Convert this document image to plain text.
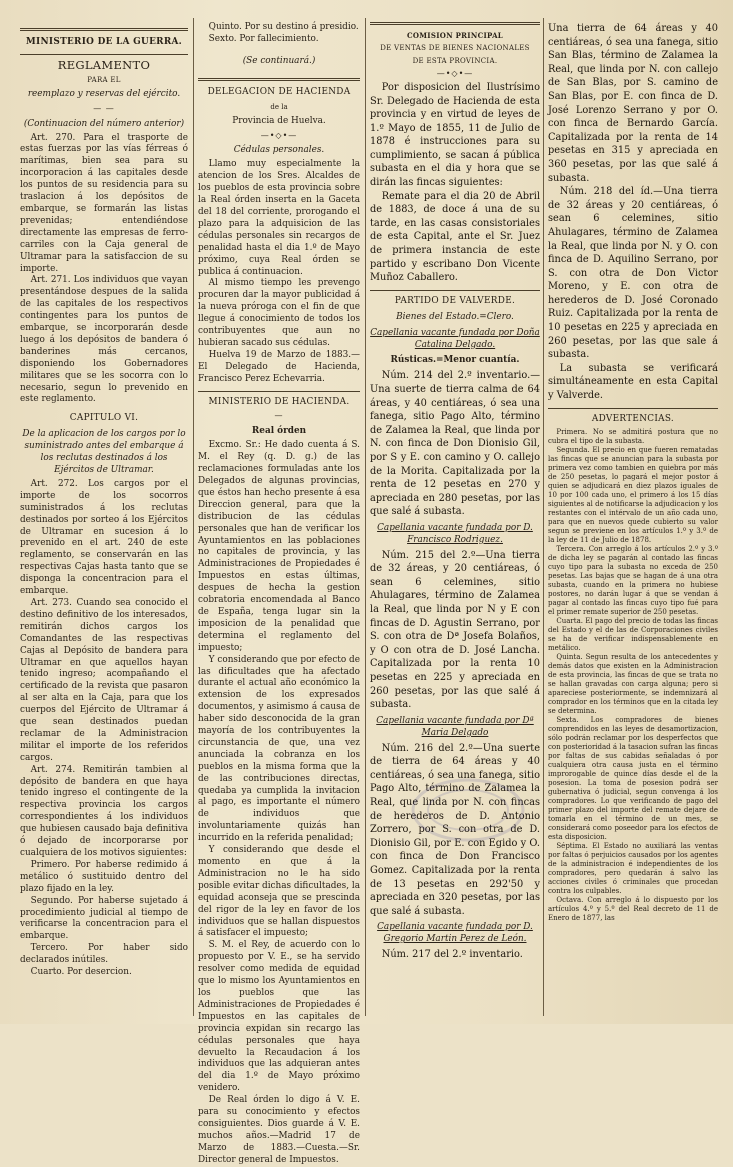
MINISTERIO DE LA GUERRA.

REGLAMENTO

PARA EL

reemplazo y reservas del ejército.

— —

(Continuacion del número anterior)

Art. 270. Para el trasporte de estas fuerzas por las vías férreas ó marítimas, bien sea para su incorporacion á las capitales desde los puntos de su residencia para su traslacion á los depósitos de embarque, se formarán las listas prevenidas; entendiéndose directamente las empresas de ferro-carriles con la Caja general de Ultramar para la satisfaccion de su importe.

Art. 271. Los individuos que vayan presentándose despues de la salida de las capitales de los respectivos contingentes para los puntos de embarque, se incorporarán desde luego á los depósitos de bandera ó banderines más cercanos, disponiendo los Gobernadores militares que se les socorra con lo necesario, segun lo prevenido en este reglamento.

CAPITULO VI.

De la aplicacion de los cargos por lo suministrado antes del embarque á los reclutas destinados á los Ejércitos de Ultramar.

Art. 272. Los cargos por el importe de los socorros suministrados á los reclutas destinados por sorteo á los Ejércitos de Ultramar en sucesion á lo prevenido en el art. 240 de este reglamento, se conservarán en las respectivas Cajas hasta tanto que se disponga la concentracion para el embarque.

Art. 273. Cuando sea conocido el destino definitivo de los interesados, remitirán dichos cargos los Comandantes de las respectivas Cajas al Depósito de bandera para Ultramar en que aquellos hayan tenido ingreso; acompañando el certificado de la revista que pasaron al ser alta en la Caja, para que los cuerpos del Ejército de Ultramar á que sean destinados puedan reclamar de la Administracion militar el importe de los referidos cargos.

Art. 274. Remitirán tambien al depósito de bandera en que haya tenido ingreso el contingente de la respectiva provincia los cargos correspondientes á los individuos que hubiesen causado baja definitiva ó dejado de incorporarse por cualquiera de los motivos siguientes:

Primero. Por haberse redimido á metálico ó sustituido dentro del plazo fijado en la ley.

Segundo. Por haberse sujetado á procedimiento judicial al tiempo de verificarse la concentracion para el embarque.

Tercero. Por haber sido declarados inútiles.

Cuarto. Por desercion.

Quinto. Por su destino á presidio.

Sexto. Por fallecimiento.

(Se continuará.)

DELEGACION DE HACIENDA

de la

Provincia de Huelva.

—•◇•—

Cédulas personales.

Llamo muy especialmente la atencion de los Sres. Alcaldes de los pueblos de esta provincia sobre la Real órden inserta en la Gaceta del 18 del corriente, prorogando el plazo para la adquisicion de las cédulas personales sin recargos de penalidad hasta el dia 1.º de Mayo próximo, cuya Real órden se publica á continuacion.

Al mismo tiempo les prevengo procuren dar la mayor publicidad á la nueva próroga con el fin de que llegue á conocimiento de todos los contribuyentes que aun no hubieran sacado sus cédulas.

Huelva 19 de Marzo de 1883.—El Delegado de Hacienda, Francisco Perez Echevarria.

MINISTERIO DE HACIENDA.

—

Real órden

Excmo. Sr.: He dado cuenta á S. M. el Rey (q. D. g.) de las reclamaciones formuladas ante los Delegados de algunas provincias, que éstos han hecho presente á esa Direccion general, para que la distribucion de las cédulas personales que han de verificar los Ayuntamientos en las poblaciones no capitales de provincia, y las Administraciones de Propiedades é Impuestos en estas últimas, despues de hecha la gestion cobratoria encomendada al Banco de España, tenga lugar sin la imposicion de la penalidad que determina el reglamento del impuesto;

Y considerando que por efecto de las dificultades que ha afectado durante el actual año económico la extension de los expresados documentos, y asimismo á causa de haber sido desconocida de la gran mayoría de los contribuyentes la circunstancia de que, una vez anunciada la cobranza en los pueblos en la misma forma que la de las contribuciones directas, quedaba ya cumplida la invitacion al pago, es importante el número de individuos que involuntariamente quizás han incurrido en la referida penalidad;

Y considerando que desde el momento en que á la Administracion no le ha sido posible evitar dichas dificultades, la equidad aconseja que se prescinda del rigor de la ley en favor de los individuos que se hallan dispuestos á satisfacer el impuesto;

S. M. el Rey, de acuerdo con lo propuesto por V. E., se ha servido resolver como medida de equidad que lo mismo los Ayuntamientos en los pueblos que las Administraciones de Propiedades é Impuestos en las capitales de provincia expidan sin recargo las cédulas personales que haya devuelto la Recaudacion á los individuos que las adquieran antes del dia 1.º de Mayo próximo venidero.

De Real órden lo digo á V. E. para su conocimiento y efectos consiguientes. Dios guarde á V. E. muchos años.—Madrid 17 de Marzo de 1883.—Cuesta.—Sr. Director general de Impuestos.

COMISION PRINCIPAL

DE VENTAS DE BIENES NACIONALES

DE ESTA PROVINCIA.

—•◇•—

Por disposicion del Ilustrísimo Sr. Delegado de Hacienda de esta provincia y en virtud de leyes de 1.º Mayo de 1855, 11 de Julio de 1878 é instrucciones para su cumplimiento, se sacan á pública subasta en el dia y hora que se dirán las fincas siguientes:

Remate para el dia 20 de Abril de 1883, de doce á una de su tarde, en las casas consistoriales de esta Capital, ante el Sr. Juez de primera instancia de este partido y escribano Don Vicente Muñoz Caballero.

PARTIDO DE VALVERDE.

Bienes del Estado.=Clero.

Capellania vacante fundada por Doña Catalina Delgado.

Rústicas.=Menor cuantía.

Núm. 214 del 2.º inventario.—Una suerte de tierra calma de 64 áreas, y 40 centiáreas, ó sea una fanega, sitio Pago Alto, término de Zalamea la Real, que linda por N. con finca de Don Dionisio Gil, por S y E. con camino y O. callejo de la Morita. Capitalizada por la renta de 12 pesetas en 270 y apreciada en 280 pesetas, por las que salé á subasta.

Capellania vacante fundada por D. Francisco Rodriguez.

Núm. 215 del 2.º—Una tierra de 32 áreas, y 20 centiáreas, ó sean 6 celemines, sitio Ahulagares, término de Zalamea la Real, que linda por N y E con fincas de D. Agustin Serrano, por S. con otra de Dª Josefa Bolaños, y O con otra de D. José Lancha. Capitalizada por la renta 10 pesetas en 225 y apreciada en 260 pesetas, por las que salé á subasta.

Capellania vacante fundada por Dª Maria Delgado

Núm. 216 del 2.º—Una suerte de tierra de 64 áreas y 40 centiáreas, ó sea una fanega, sitio Pago Alto, término de Zalamea la Real, que linda por N. con fincas de herederos de D. Antonio Zorrero, por S. con otra de D. Dionisio Gil, por E. con Egido y O. con finca de Don Francisco Gomez. Capitalizada por la renta de 13 pesetas en 292'50 y apreciada en 320 pesetas, por las que salé á subasta.

Capellania vacante fundada por D. Gregorio Martin Perez de León.

Núm. 217 del 2.º inventario.

Una tierra de 64 áreas y 40 centiáreas, ó sea una fanega, sitio San Blas, término de Zalamea la Real, que linda por N. con callejo de San Blas, por S. camino de San Blas, por E. con finca de D. José Lorenzo Serrano y por O. con finca de Bernardo García. Capitalizada por la renta de 14 pesetas en 315 y apreciada en 360 pesetas, por las que salé á subasta.

Núm. 218 del íd.—Una tierra de 32 áreas y 20 centiáreas, ó sean 6 celemines, sitio Ahulagares, término de Zalamea la Real, que linda por N. y O. con finca de D. Aquilino Serrano, por S. con otra de Don Victor Moreno, y E. con otra de herederos de D. José Coronado Ruiz. Capitalizada por la renta de 10 pesetas en 225 y apreciada en 260 pesetas, por las que sale á subasta.

La subasta se verificará simultáneamente en esta Capital y Valverde.

ADVERTENCIAS.

Primera. No se admitirá postura que no cubra el tipo de la subasta.

Segunda. El precio en que fueren rematadas las fincas que se anuncian para la subasta por primera vez como tambien en quiebra por más de 250 pesetas, lo pagará el mejor postor á quien se adjudicará en diez plazos iguales de 10 por 100 cada uno, el primero á los 15 días siguientes al de notificarse la adjudicacion y los restantes con el intérvalo de un año cada uno, para que en nuevos quede cubierto su valor segun se previene en los artículos 1.º y 3.º de la ley de 11 de Julio de 1878.

Tercera. Con arreglo á los artículos 2.º y 3.º de dicha ley se pagarán al contado las fincas cuyo tipo para la subasta no exceda de 250 pesetas. Las bajas que se hagan de á una otra subasta, cuando en la primera no hubiese postores, no darán lugar á que se vendan á pagar al contado las fincas cuyo tipo fué para el primer remate superior de 250 pesetas.

Cuarta. El pago del precio de todas las fincas del Estado y el de las de Corporaciones civiles se ha de verificar indispensablemente en metálico.

Quinta. Segun resulta de los antecedentes y demás datos que existen en la Administracion de esta provincia, las fincas de que se trata no se hallan gravadas con carga alguna; pero si apareciese posteriormente, se indemnizará al comprador en los términos que en la citada ley se determina.

Sexta. Los compradores de bienes comprendidos en las leyes de desamortizacion, sólo podrán reclamar por los desperfectos que con posterioridad á la tasacion sufran las fincas por faltas de sus cabidas señaladas ó por cualquiera otra causa justa en el término improrogable de quince días desde el de la posesion. La toma de posesion podrá ser gubernativa ó judicial, segun convenga á los compradores. Lo que verificando de pago del primer plazo del importe del remate dejare de tomarla en el término de un mes, se considerará como poseedor para los efectos de esta disposicion.

Séptima. El Estado no auxiliará las ventas por faltas ó perjuicios causados por los agentes de la administracion é independientes de los compradores, pero quedarán á salvo las acciones civiles ó criminales que procedan contra los culpables.

Octava. Con arreglo á lo dispuesto por los artículos 4.º y 5.º del Real decreto de 11 de Enero de 1877, las
